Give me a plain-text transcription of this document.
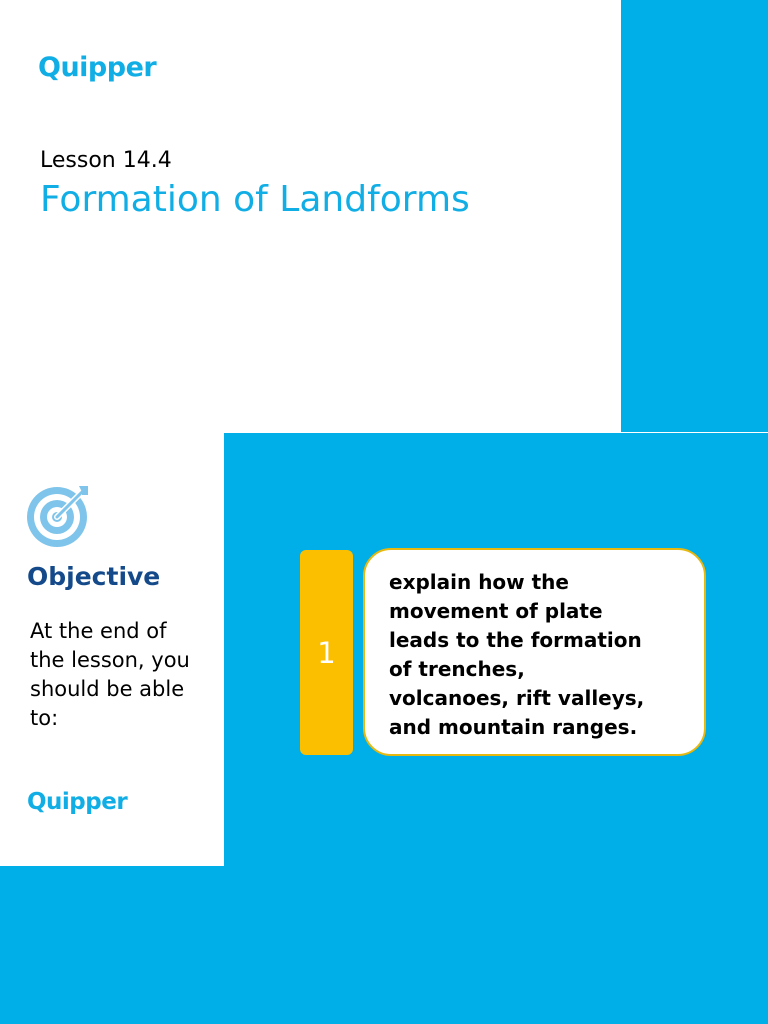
Quipper
Lesson 14.4
Formation of Landforms
Objective
At the end of the lesson, you should be able to:
Quipper
1
explain how the
movement of plate
leads to the formation
of trenches,
volcanoes, rift valleys,
and mountain ranges.
